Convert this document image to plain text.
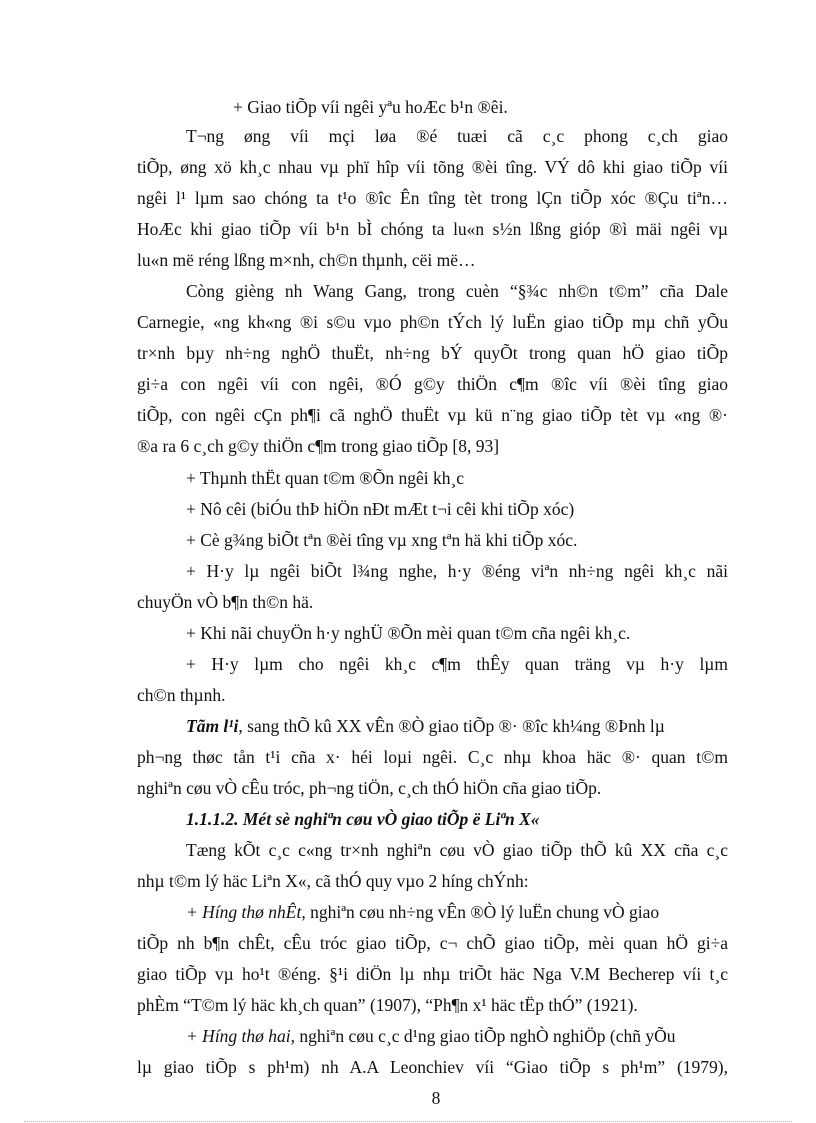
+ Giao tiÕp víi ngêi yªu hoÆc b¹n ®êi.
T¬ng øng víi mçi løa ®é tuæi cã c¸c phong c¸ch giao
tiÕp, øng xö kh¸c nhau vµ phï hîp víi tõng ®èi tîng. VÝ dô khi giao tiÕp víi
ngêi l¹ lµm sao chóng ta t¹o ®îc Ên tîng tèt trong lÇn tiÕp xóc ®Çu tiªn…
HoÆc khi giao tiÕp víi b¹n bÌ chóng ta lu«n s½n lßng gióp ®ì mäi ngêi vµ
lu«n më réng lßng m×nh, ch©n thµnh, cëi më…
Còng gièng nh Wang Gang, trong cuèn “§¾c nh©n t©m” cña Dale
Carnegie, «ng kh«ng ®i s©u vµo ph©n tÝch lý luËn giao tiÕp mµ chñ yÕu
tr×nh bµy nh÷ng nghÖ thuËt, nh÷ng bÝ quyÕt trong quan hÖ giao tiÕp
gi÷a con ngêi víi con ngêi, ®Ó g©y thiÖn c¶m ®îc víi ®èi tîng giao
tiÕp, con ngêi cÇn ph¶i cã nghÖ thuËt vµ kü n¨ng giao tiÕp tèt vµ «ng ®·
®a ra 6 c¸ch g©y thiÖn c¶m trong giao tiÕp [8, 93]
+ Thµnh thËt quan t©m ®Õn ngêi kh¸c
+ Nô cêi (biÓu thÞ hiÖn nÐt mÆt t¬i cêi khi tiÕp xóc)
+ Cè g¾ng biÕt tªn ®èi tîng vµ xng tªn hä khi tiÕp xóc.
+ H·y lµ ngêi biÕt l¾ng nghe, h·y ®éng viªn nh÷ng ngêi kh¸c nãi
chuyÖn vÒ b¶n th©n hä.
+ Khi nãi chuyÖn h·y nghÜ ®Õn mèi quan t©m cña ngêi kh¸c.
+ H·y lµm cho ngêi kh¸c c¶m thÊy quan träng vµ h·y lµm
ch©n thµnh.
Tãm l¹i, sang thÕ kû XX vÊn ®Ò giao tiÕp ®· ®îc kh¼ng ®Þnh lµ
ph¬ng thøc tån t¹i cña x· héi loµi ngêi. C¸c nhµ khoa häc ®· quan t©m
nghiªn cøu vÒ cÊu tróc, ph¬ng tiÖn, c¸ch thÓ hiÖn cña giao tiÕp.
1.1.1.2. Mét sè nghiªn cøu vÒ giao tiÕp ë Liªn X«
Tæng kÕt c¸c c«ng tr×nh nghiªn cøu vÒ giao tiÕp thÕ kû XX cña c¸c
nhµ t©m lý häc Liªn X«, cã thÓ quy vµo 2 híng chÝnh:
+ Híng thø nhÊt, nghiªn cøu nh÷ng vÊn ®Ò lý luËn chung vÒ giao
tiÕp nh b¶n chÊt, cÊu tróc giao tiÕp, c¬ chÕ giao tiÕp, mèi quan hÖ gi÷a
giao tiÕp vµ ho¹t ®éng. §¹i diÖn lµ nhµ triÕt häc Nga V.M Becherep víi t¸c
phÈm “T©m lý häc kh¸ch quan” (1907), “Ph¶n x¹ häc tËp thÓ” (1921).
+ Híng thø hai, nghiªn cøu c¸c d¹ng giao tiÕp nghÒ nghiÖp (chñ yÕu
lµ giao tiÕp s ph¹m) nh A.A Leonchiev víi “Giao tiÕp s ph¹m” (1979),
8
